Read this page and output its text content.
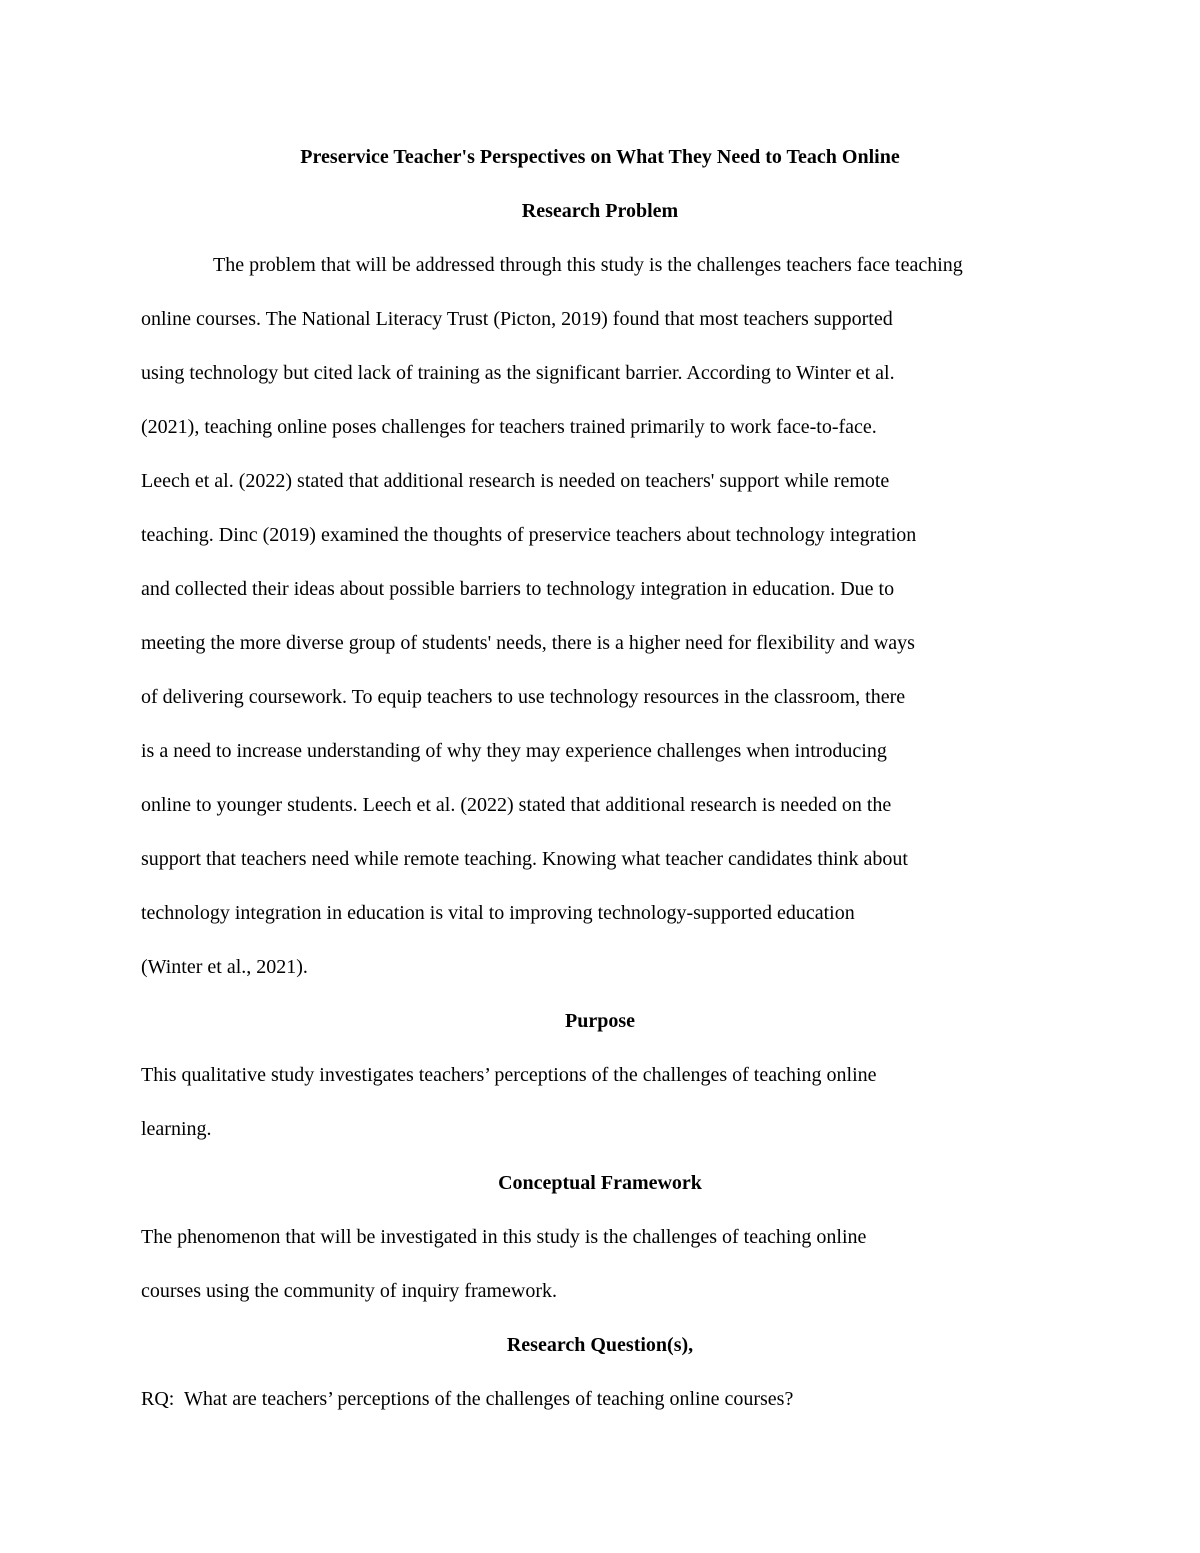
Preservice Teacher's Perspectives on What They Need to Teach Online
Research Problem
The problem that will be addressed through this study is the challenges teachers face teaching
online courses. The National Literacy Trust (Picton, 2019) found that most teachers supported
using technology but cited lack of training as the significant barrier. According to Winter et al.
(2021), teaching online poses challenges for teachers trained primarily to work face-to-face.
Leech et al. (2022) stated that additional research is needed on teachers' support while remote
teaching. Dinc (2019) examined the thoughts of preservice teachers about technology integration
and collected their ideas about possible barriers to technology integration in education. Due to
meeting the more diverse group of students' needs, there is a higher need for flexibility and ways
of delivering coursework. To equip teachers to use technology resources in the classroom, there
is a need to increase understanding of why they may experience challenges when introducing
online to younger students. Leech et al. (2022) stated that additional research is needed on the
support that teachers need while remote teaching. Knowing what teacher candidates think about
technology integration in education is vital to improving technology-supported education
(Winter et al., 2021).
Purpose
This qualitative study investigates teachers’ perceptions of the challenges of teaching online
learning.
Conceptual Framework
The phenomenon that will be investigated in this study is the challenges of teaching online
courses using the community of inquiry framework.
Research Question(s),
RQ:  What are teachers’ perceptions of the challenges of teaching online courses?
